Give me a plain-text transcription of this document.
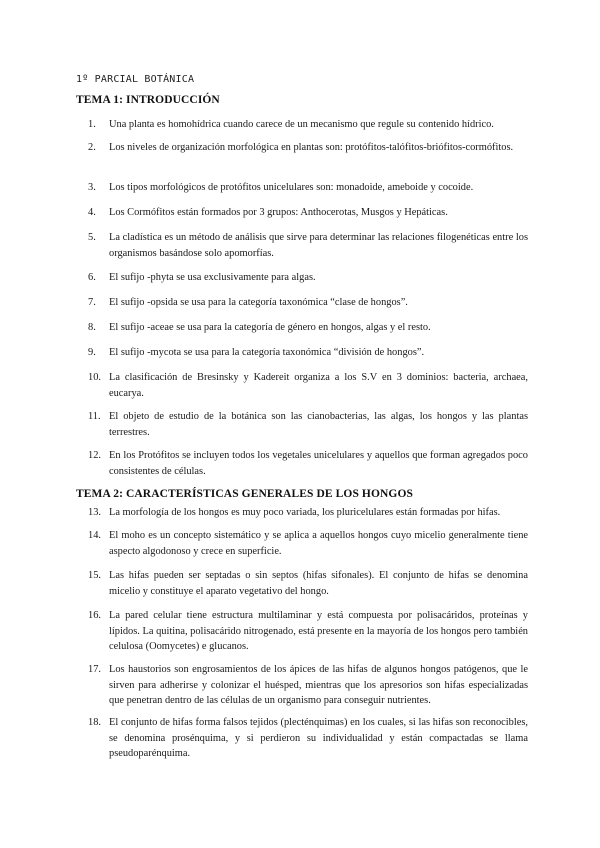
1º PARCIAL BOTÁNICA
TEMA 1: INTRODUCCIÓN
1.	Una planta es homohídrica cuando carece de un mecanismo que regule su contenido hídrico.
2.	Los niveles de organización morfológica en plantas son: protófitos-talófitos-briófitos-cormófitos.
3.	Los tipos morfológicos de protófitos unicelulares son: monadoide, ameboide y cocoide.
4.	Los Cormófitos están formados por 3 grupos: Anthocerotas, Musgos y Hepáticas.
5.	La cladística es un método de análisis que sirve para determinar las relaciones filogenéticas entre los organismos basándose solo apomorfías.
6.	El sufijo -phyta se usa exclusivamente para algas.
7.	El sufijo -opsida se usa para la categoría taxonómica “clase de hongos”.
8.	El sufijo -aceae se usa para la categoría de género en hongos, algas y el resto.
9.	El sufijo -mycota se usa para la categoría taxonómica “división de hongos”.
10. La clasificación de Bresinsky y Kadereit organiza a los S.V en 3 dominios: bacteria, archaea, eucarya.
11. El objeto de estudio de la botánica son las cianobacterias, las algas, los hongos y las plantas terrestres.
12. En los Protófitos se incluyen todos los vegetales unicelulares y aquellos que forman agregados poco consistentes de células.
TEMA 2: CARACTERÍSTICAS GENERALES DE LOS HONGOS
13. La morfología de los hongos es muy poco variada, los pluricelulares están formadas por hifas.
14. El moho es un concepto sistemático y se aplica a aquellos hongos cuyo micelio generalmente tiene aspecto algodonoso y crece en superficie.
15. Las hifas pueden ser septadas o sin septos (hifas sifonales). El conjunto de hifas se denomina micelio y constituye el aparato vegetativo del hongo.
16. La pared celular tiene estructura multilaminar y está compuesta por polisacáridos, proteínas y lípidos. La quitina, polisacárido nitrogenado, está presente en la mayoría de los hongos pero también celulosa (Oomycetes) e glucanos.
17. Los haustorios son engrosamientos de los ápices de las hifas de algunos hongos patógenos, que le sirven para adherirse y colonizar el huésped, mientras que los apresorios son hifas especializadas que penetran dentro de las células de un organismo para conseguir nutrientes.
18. El conjunto de hifas forma falsos tejidos (plecténquimas) en los cuales, si las hifas son reconocibles, se denomina prosénquima, y si perdieron su individualidad y están compactadas se llama pseudoparénquima.
